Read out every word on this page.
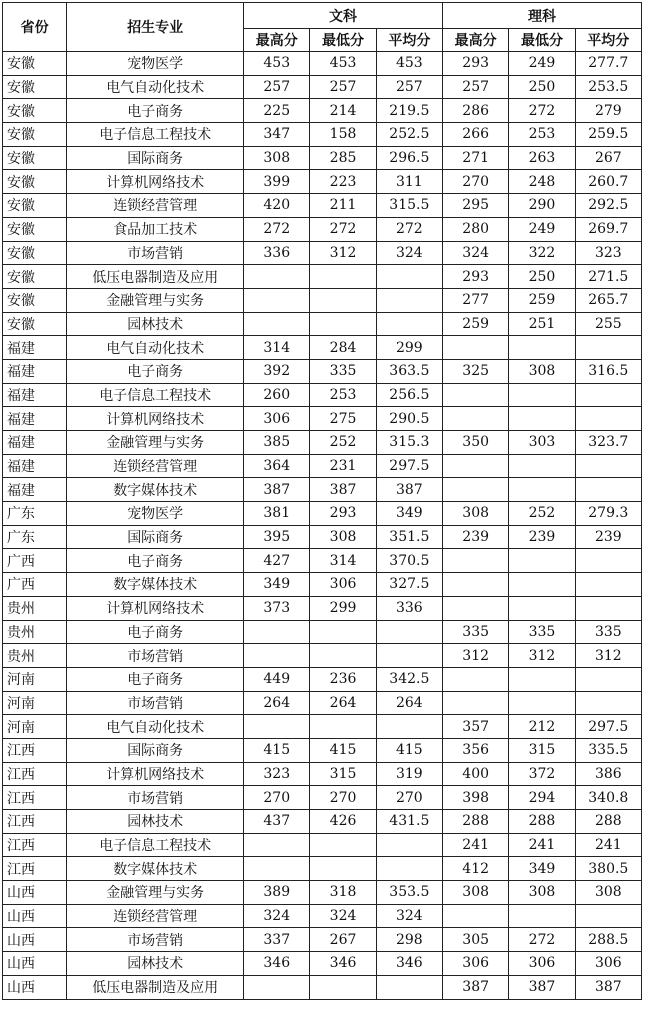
省份	招生专业	文科			理科		
		最高分	最低分	平均分	最高分	最低分	平均分
安徽	宠物医学	453	453	453	293	249	277.7
安徽	电气自动化技术	257	257	257	257	250	253.5
安徽	电子商务	225	214	219.5	286	272	279
安徽	电子信息工程技术	347	158	252.5	266	253	259.5
安徽	国际商务	308	285	296.5	271	263	267
安徽	计算机网络技术	399	223	311	270	248	260.7
安徽	连锁经营管理	420	211	315.5	295	290	292.5
安徽	食品加工技术	272	272	272	280	249	269.7
安徽	市场营销	336	312	324	324	322	323
安徽	低压电器制造及应用				293	250	271.5
安徽	金融管理与实务				277	259	265.7
安徽	园林技术				259	251	255
福建	电气自动化技术	314	284	299			
福建	电子商务	392	335	363.5	325	308	316.5
福建	电子信息工程技术	260	253	256.5			
福建	计算机网络技术	306	275	290.5			
福建	金融管理与实务	385	252	315.3	350	303	323.7
福建	连锁经营管理	364	231	297.5			
福建	数字媒体技术	387	387	387			
广东	宠物医学	381	293	349	308	252	279.3
广东	国际商务	395	308	351.5	239	239	239
广西	电子商务	427	314	370.5			
广西	数字媒体技术	349	306	327.5			
贵州	计算机网络技术	373	299	336			
贵州	电子商务				335	335	335
贵州	市场营销				312	312	312
河南	电子商务	449	236	342.5			
河南	市场营销	264	264	264			
河南	电气自动化技术				357	212	297.5
江西	国际商务	415	415	415	356	315	335.5
江西	计算机网络技术	323	315	319	400	372	386
江西	市场营销	270	270	270	398	294	340.8
江西	园林技术	437	426	431.5	288	288	288
江西	电子信息工程技术				241	241	241
江西	数字媒体技术				412	349	380.5
山西	金融管理与实务	389	318	353.5	308	308	308
山西	连锁经营管理	324	324	324			
山西	市场营销	337	267	298	305	272	288.5
山西	园林技术	346	346	346	306	306	306
山西	低压电器制造及应用				387	387	387
